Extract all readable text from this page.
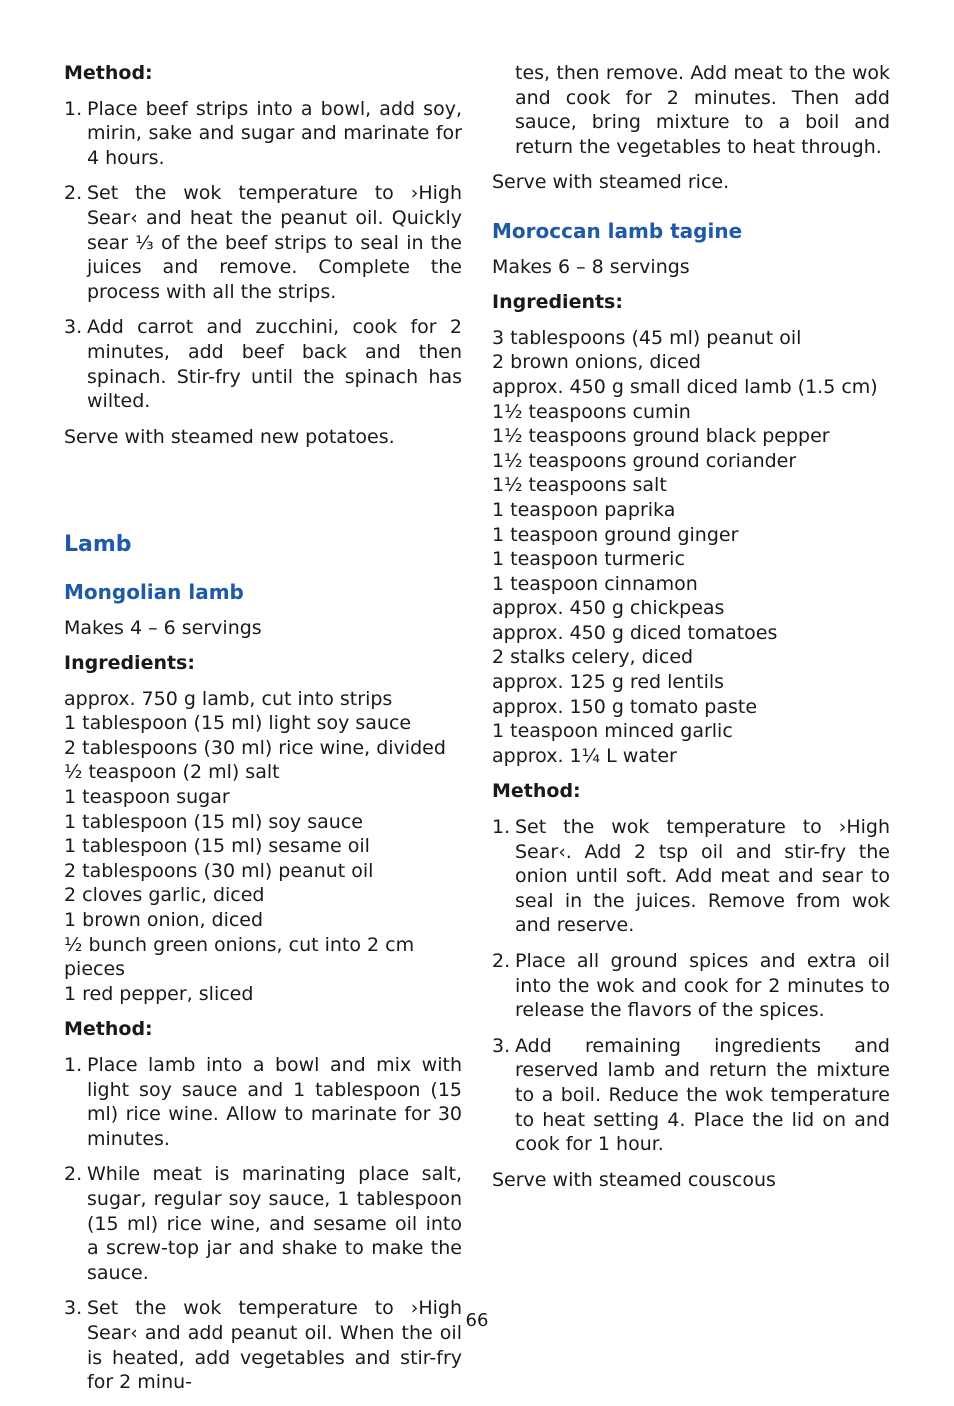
Method:
1. Place beef strips into a bowl, add soy, mirin, sake and sugar and marinate for 4 hours.
2. Set the wok temperature to ›High Sear‹ and heat the peanut oil. Quickly sear ⅓ of the beef strips to seal in the juices and remove. Complete the process with all the strips.
3. Add carrot and zucchini, cook for 2 minutes, add beef back and then spinach. Stir-fry until the spinach has wilted.
Serve with steamed new potatoes.
Lamb
Mongolian lamb
Makes 4 – 6 servings
Ingredients:
approx. 750 g lamb, cut into strips
1 tablespoon (15 ml) light soy sauce
2 tablespoons (30 ml) rice wine, divided
½ teaspoon (2 ml) salt
1 teaspoon sugar
1 tablespoon (15 ml) soy sauce
1 tablespoon (15 ml) sesame oil
2 tablespoons (30 ml) peanut oil
2 cloves garlic, diced
1 brown onion, diced
½ bunch green onions, cut into 2 cm pieces
1 red pepper, sliced
Method:
1. Place lamb into a bowl and mix with light soy sauce and 1 tablespoon (15 ml) rice wine. Allow to marinate for 30 minutes.
2. While meat is marinating place salt, sugar, regular soy sauce, 1 tablespoon (15 ml) rice wine, and sesame oil into a screw-top jar and shake to make the sauce.
3. Set the wok temperature to ›High Sear‹ and add peanut oil. When the oil is heated, add vegetables and stir-fry for 2 minu-
tes, then remove. Add meat to the wok and cook for 2 minutes. Then add sauce, bring mixture to a boil and return the vegetables to heat through.
Serve with steamed rice.
Moroccan lamb tagine
Makes 6 – 8 servings
Ingredients:
3 tablespoons (45 ml) peanut oil
2 brown onions, diced
approx. 450 g small diced lamb (1.5 cm)
1½ teaspoons cumin
1½ teaspoons ground black pepper
1½ teaspoons ground coriander
1½ teaspoons salt
1 teaspoon paprika
1 teaspoon ground ginger
1 teaspoon turmeric
1 teaspoon cinnamon
approx. 450 g chickpeas
approx. 450 g diced tomatoes
2 stalks celery, diced
approx. 125 g red lentils
approx. 150 g tomato paste
1 teaspoon minced garlic
approx. 1¼ L water
Method:
1. Set the wok temperature to ›High Sear‹. Add 2 tsp oil and stir-fry the onion until soft. Add meat and sear to seal in the juices. Remove from wok and reserve.
2. Place all ground spices and extra oil into the wok and cook for 2 minutes to release the flavors of the spices.
3. Add remaining ingredients and reserved lamb and return the mixture to a boil. Reduce the wok temperature to heat setting 4. Place the lid on and cook for 1 hour.
Serve with steamed couscous
66
